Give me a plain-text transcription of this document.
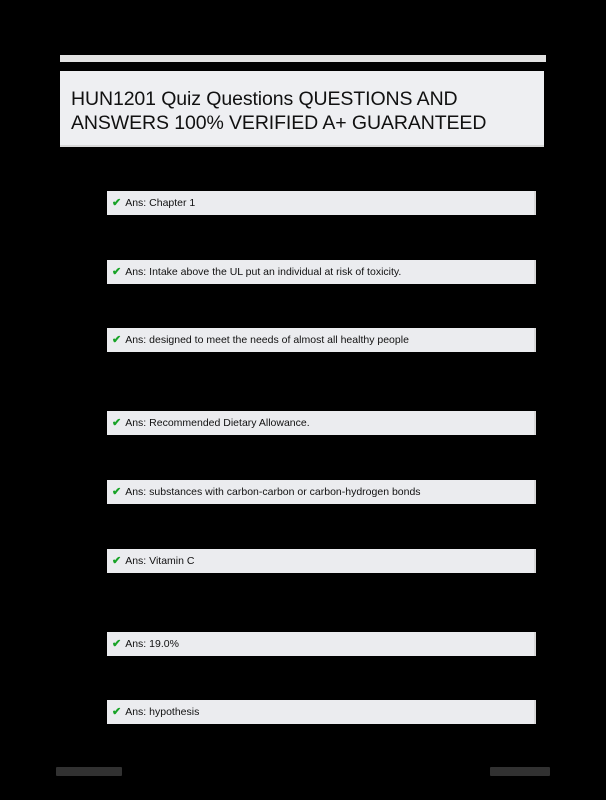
HUN1201 Quiz Questions QUESTIONS AND
ANSWERS 100% VERIFIED A+ GUARANTEED
✔ Ans: Chapter 1
✔ Ans: Intake above the UL put an individual at risk of toxicity.
✔ Ans: designed to meet the needs of almost all healthy people
✔ Ans: Recommended Dietary Allowance.
✔ Ans: substances with carbon-carbon or carbon-hydrogen bonds
✔ Ans: Vitamin C
✔ Ans: 19.0%
✔ Ans: hypothesis
